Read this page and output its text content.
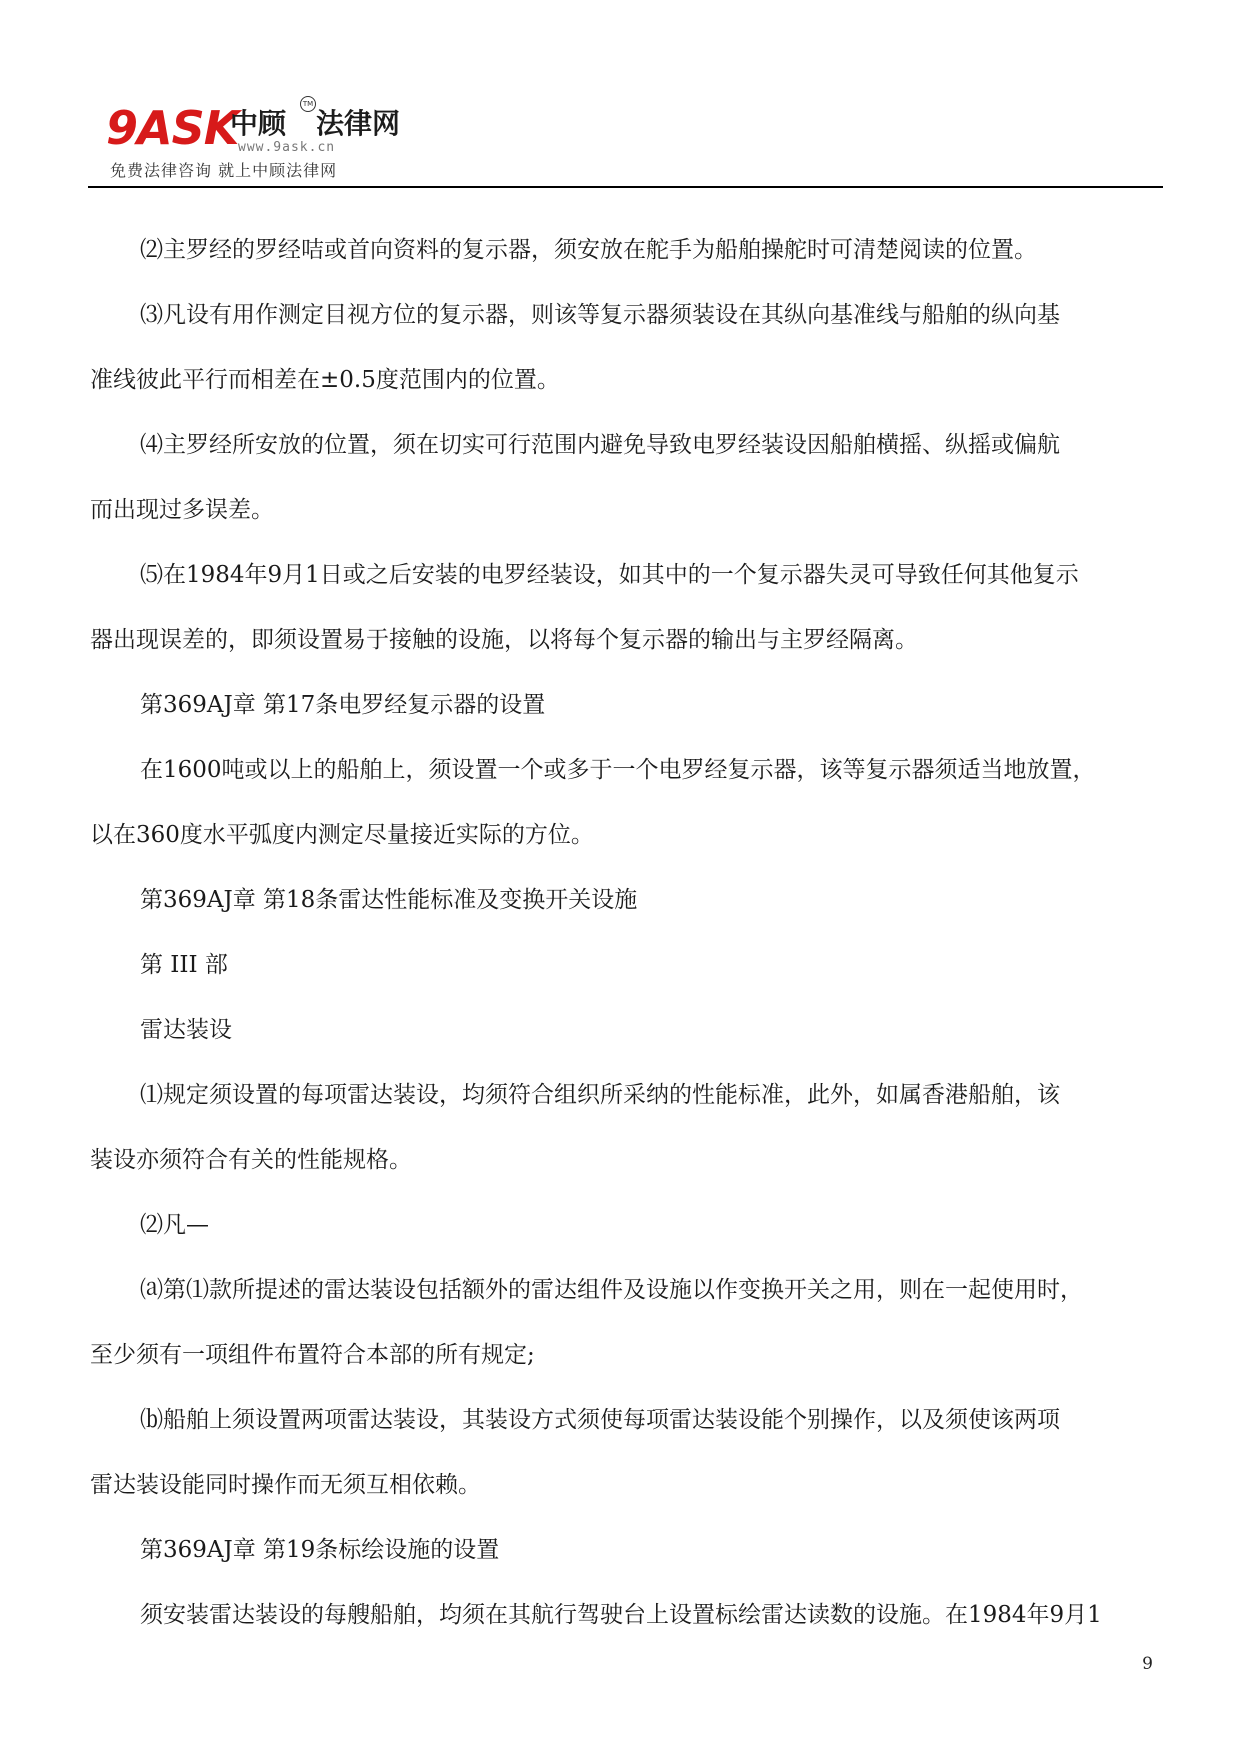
9ASK
中顾
TM
法律网
www.9ask.cn
免费法律咨询 就上中顾法律网

⑵主罗经的罗经咭或首向资料的复示器，须安放在舵手为船舶操舵时可清楚阅读的位置。

⑶凡设有用作测定目视方位的复示器，则该等复示器须装设在其纵向基准线与船舶的纵向基

准线彼此平行而相差在±0.5度范围内的位置。

⑷主罗经所安放的位置，须在切实可行范围内避免导致电罗经装设因船舶横摇、纵摇或偏航

而出现过多误差。

⑸在1984年9月1日或之后安装的电罗经装设，如其中的一个复示器失灵可导致任何其他复示

器出现误差的，即须设置易于接触的设施，以将每个复示器的输出与主罗经隔离。

第369AJ章 第17条电罗经复示器的设置

在1600吨或以上的船舶上，须设置一个或多于一个电罗经复示器，该等复示器须适当地放置，

以在360度水平弧度内测定尽量接近实际的方位。

第369AJ章 第18条雷达性能标准及变换开关设施

第 III 部

雷达装设

⑴规定须设置的每项雷达装设，均须符合组织所采纳的性能标准，此外，如属香港船舶，该

装设亦须符合有关的性能规格。

⑵凡—

⒜第⑴款所提述的雷达装设包括额外的雷达组件及设施以作变换开关之用，则在一起使用时，

至少须有一项组件布置符合本部的所有规定;

⒝船舶上须设置两项雷达装设，其装设方式须使每项雷达装设能个别操作，以及须使该两项

雷达装设能同时操作而无须互相依赖。

第369AJ章 第19条标绘设施的设置

须安装雷达装设的每艘船舶，均须在其航行驾驶台上设置标绘雷达读数的设施。在1984年9月1

9
